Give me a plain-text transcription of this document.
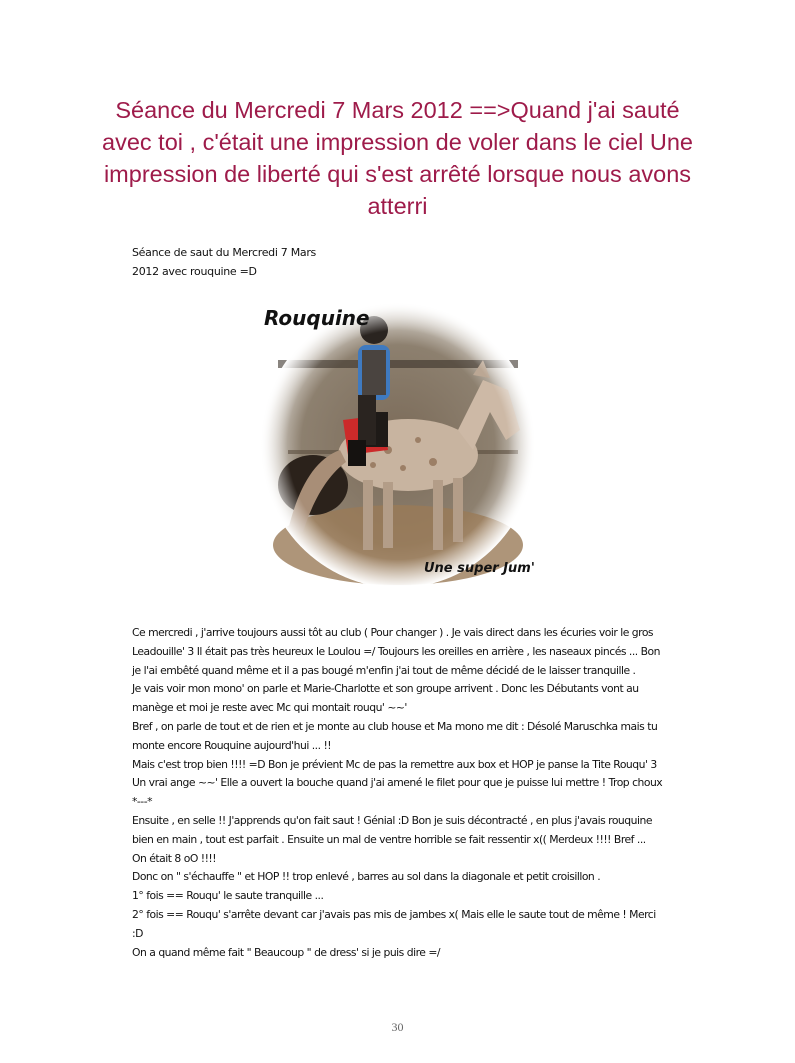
Séance du Mercredi 7 Mars 2012 ==>Quand j'ai sauté avec toi , c'était une impression de voler dans le ciel Une impression de liberté qui s'est arrêté lorsque nous avons atterri
Séance de saut du Mercredi 7 Mars
2012 avec rouquine =D
Rouquine
Une super Jum'

Ce mercredi , j'arrive toujours aussi tôt au club ( Pour changer ) . Je vais direct dans les écuries voir le gros Leadouille' 3 Il était pas très heureux le Loulou =/ Toujours les oreilles en arrière , les naseaux pincés ... Bon je l'ai embêté quand même et il a pas bougé m'enfin j'ai tout de même décidé de le laisser tranquille .

Je vais voir mon mono' on parle et Marie-Charlotte et son groupe arrivent . Donc les Débutants vont au manège et moi je reste avec Mc qui montait rouqu' ~~'

Bref , on parle de tout et de rien et je monte au club house et Ma mono me dit : Désolé Maruschka mais tu monte encore Rouquine aujourd'hui ... !!

Mais c'est trop bien !!!! =D Bon je prévient Mc de pas la remettre aux box et HOP je panse la Tite Rouqu' 3

Un vrai ange ~~' Elle a ouvert la bouche quand j'ai amené le filet pour que je puisse lui mettre ! Trop choux *---*

Ensuite , en selle !! J'apprends qu'on fait saut ! Génial :D Bon je suis décontracté , en plus j'avais rouquine bien en main , tout est parfait . Ensuite un mal de ventre horrible se fait ressentir x(( Merdeux !!!! Bref ...

On était 8 oO !!!!

Donc on " s'échauffe " et HOP !! trop enlevé , barres au sol dans la diagonale et petit croisillon .

1° fois == Rouqu' le saute tranquille ...

2° fois == Rouqu' s'arrête devant car j'avais pas mis de jambes x( Mais elle le saute tout de même ! Merci :D

On a quand même fait " Beaucoup " de dress' si je puis dire =/

30
